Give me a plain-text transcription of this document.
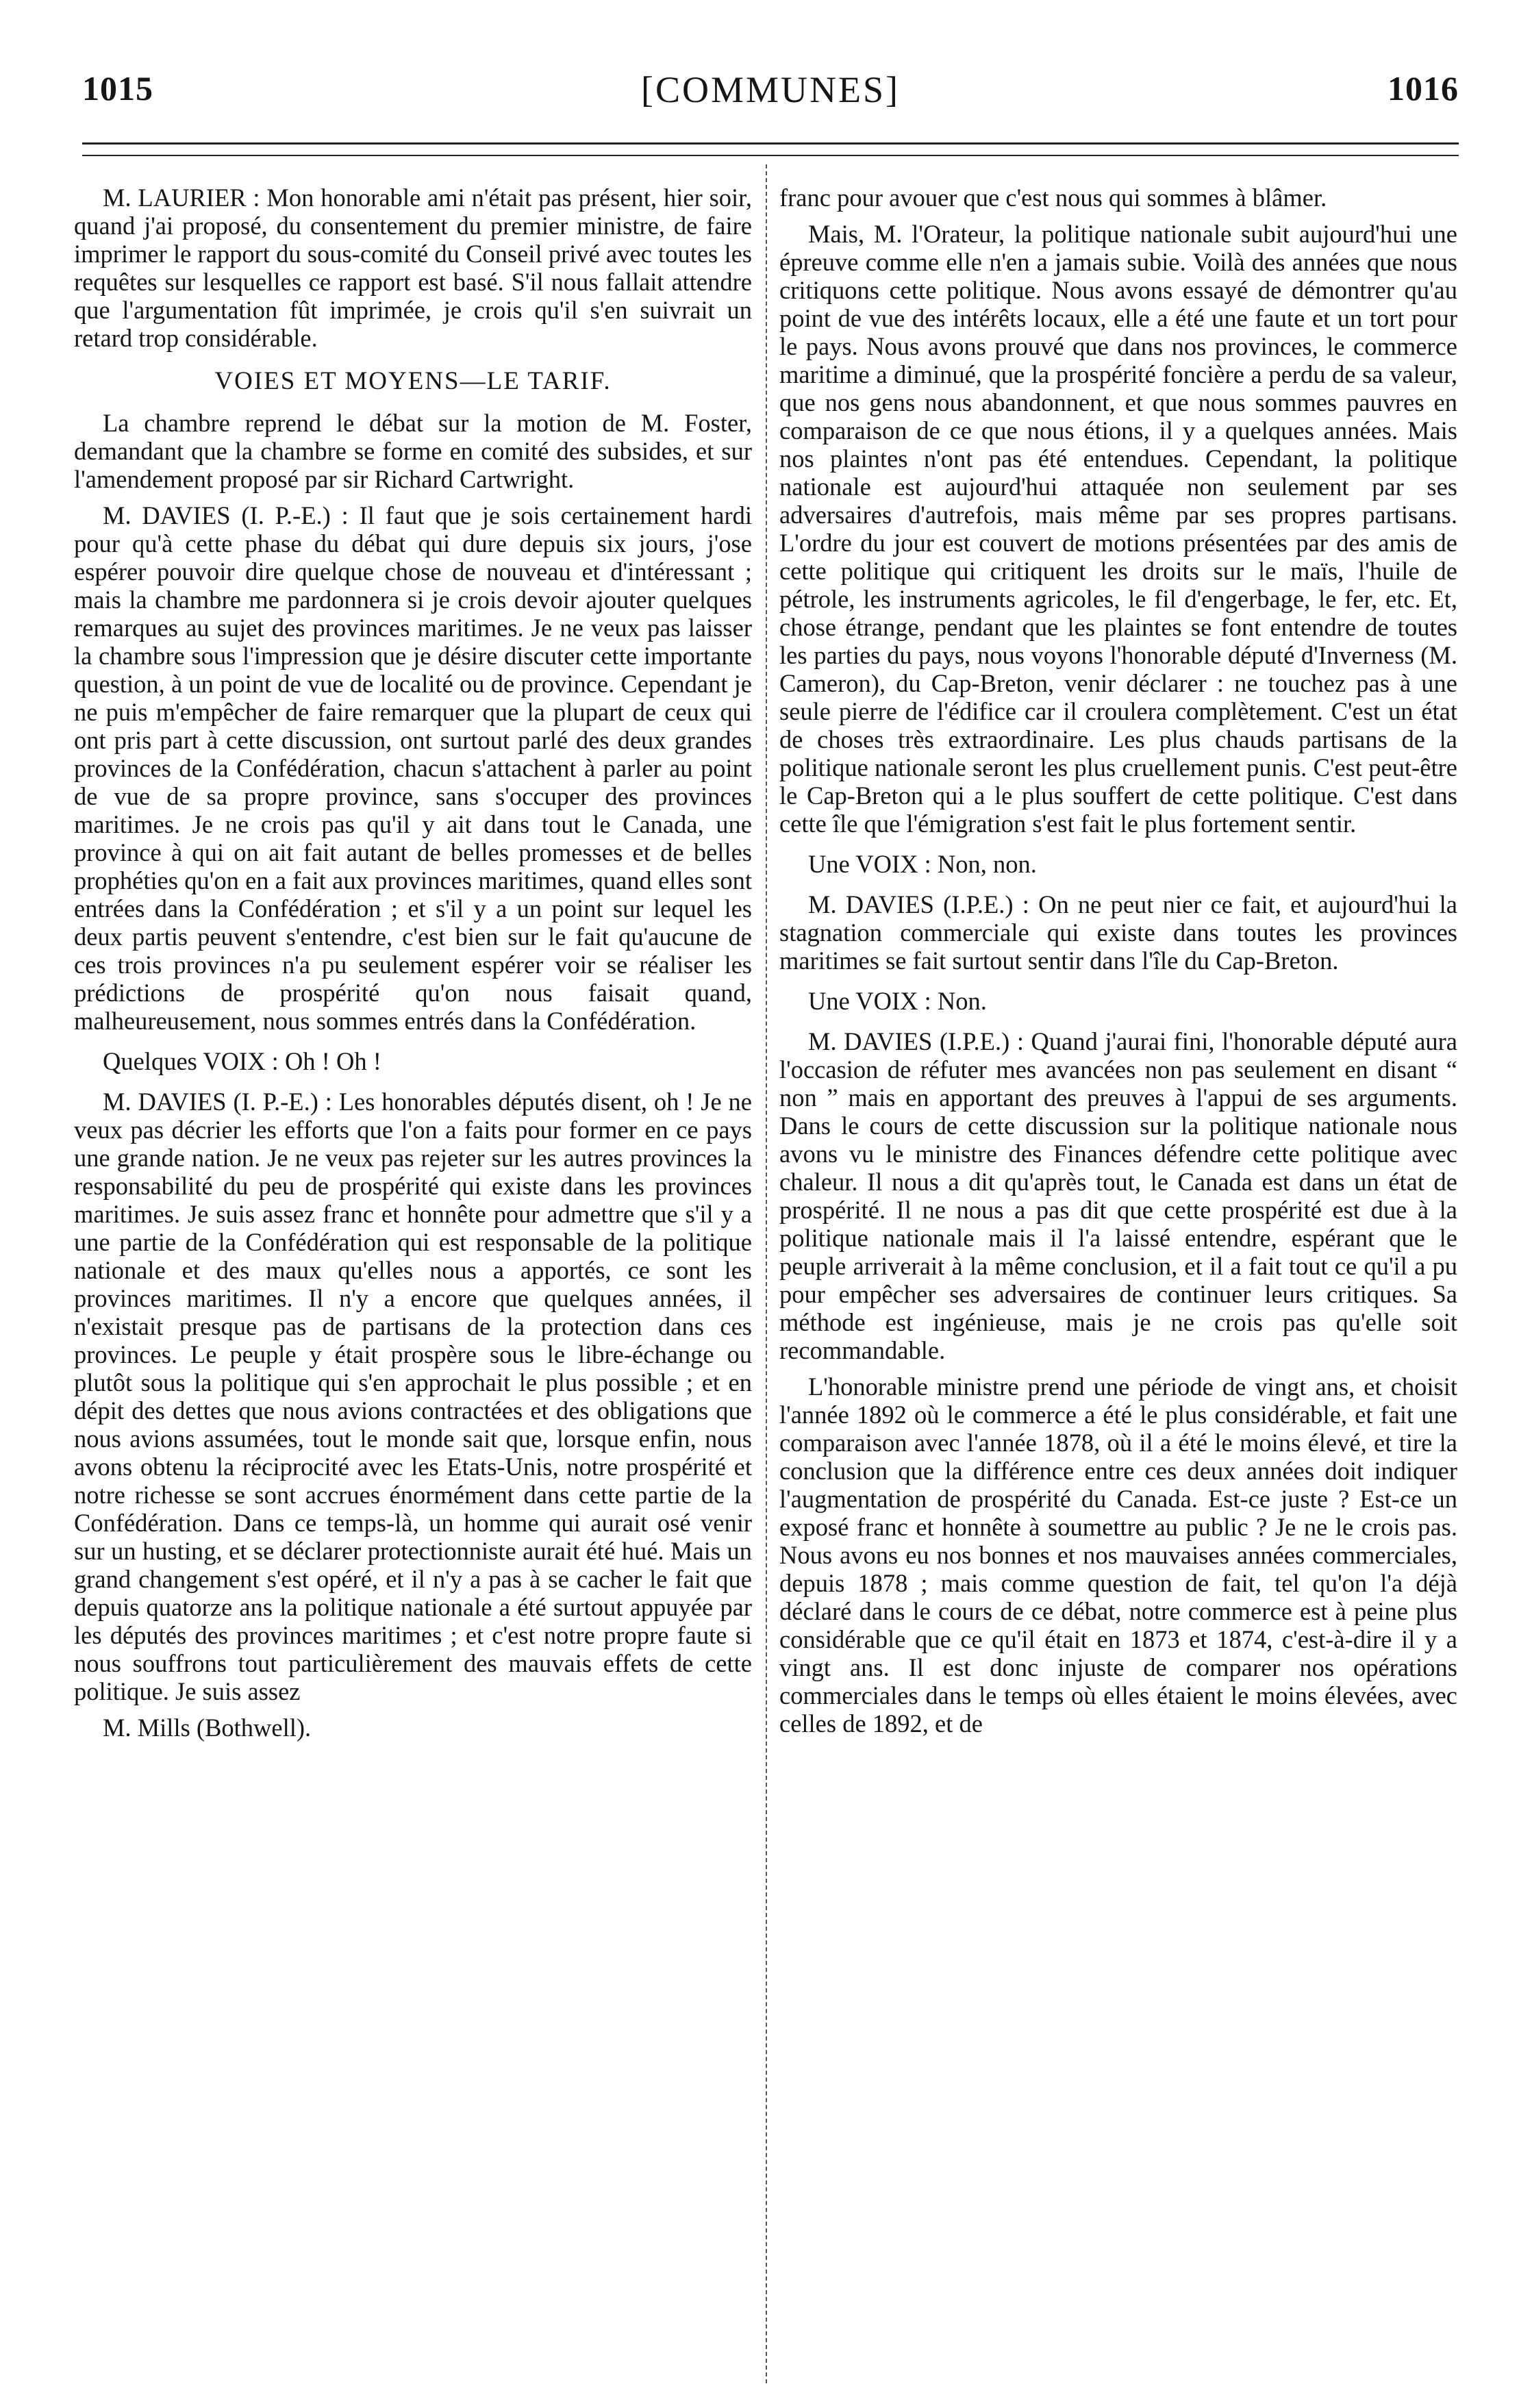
1015	[COMMUNES]	1016

M. LAURIER : Mon honorable ami n'était pas présent, hier soir, quand j'ai proposé, du consentement du premier ministre, de faire imprimer le rapport du sous-comité du Conseil privé avec toutes les requêtes sur lesquelles ce rapport est basé. S'il nous fallait attendre que l'argumentation fût imprimée, je crois qu'il s'en suivrait un retard trop considérable.

VOIES ET MOYENS—LE TARIF.

La chambre reprend le débat sur la motion de M. Foster, demandant que la chambre se forme en comité des subsides, et sur l'amendement proposé par sir Richard Cartwright.

M. DAVIES (I. P.-E.) : Il faut que je sois certainement hardi pour qu'à cette phase du débat qui dure depuis six jours, j'ose espérer pouvoir dire quelque chose de nouveau et d'intéressant ; mais la chambre me pardonnera si je crois devoir ajouter quelques remarques au sujet des provinces maritimes. Je ne veux pas laisser la chambre sous l'impression que je désire discuter cette importante question, à un point de vue de localité ou de province. Cependant je ne puis m'empêcher de faire remarquer que la plupart de ceux qui ont pris part à cette discussion, ont surtout parlé des deux grandes provinces de la Confédération, chacun s'attachent à parler au point de vue de sa propre province, sans s'occuper des provinces maritimes. Je ne crois pas qu'il y ait dans tout le Canada, une province à qui on ait fait autant de belles promesses et de belles prophéties qu'on en a fait aux provinces maritimes, quand elles sont entrées dans la Confédération ; et s'il y a un point sur lequel les deux partis peuvent s'entendre, c'est bien sur le fait qu'aucune de ces trois provinces n'a pu seulement espérer voir se réaliser les prédictions de prospérité qu'on nous faisait quand, malheureusement, nous sommes entrés dans la Confédération.

Quelques VOIX : Oh ! Oh !

M. DAVIES (I. P.-E.) : Les honorables députés disent, oh ! Je ne veux pas décrier les efforts que l'on a faits pour former en ce pays une grande nation. Je ne veux pas rejeter sur les autres provinces la responsabilité du peu de prospérité qui existe dans les provinces maritimes. Je suis assez franc et honnête pour admettre que s'il y a une partie de la Confédération qui est responsable de la politique nationale et des maux qu'elles nous a apportés, ce sont les provinces maritimes. Il n'y a encore que quelques années, il n'existait presque pas de partisans de la protection dans ces provinces. Le peuple y était prospère sous le libre-échange ou plutôt sous la politique qui s'en approchait le plus possible ; et en dépit des dettes que nous avions contractées et des obligations que nous avions assumées, tout le monde sait que, lorsque enfin, nous avons obtenu la réciprocité avec les Etats-Unis, notre prospérité et notre richesse se sont accrues énormément dans cette partie de la Confédération. Dans ce temps-là, un homme qui aurait osé venir sur un husting, et se déclarer protectionniste aurait été hué. Mais un grand changement s'est opéré, et il n'y a pas à se cacher le fait que depuis quatorze ans la politique nationale a été surtout appuyée par les députés des provinces maritimes ; et c'est notre propre faute si nous souffrons tout particulièrement des mauvais effets de cette politique. Je suis assez

M. Mills (Bothwell).

franc pour avouer que c'est nous qui sommes à blâmer.

Mais, M. l'Orateur, la politique nationale subit aujourd'hui une épreuve comme elle n'en a jamais subie. Voilà des années que nous critiquons cette politique. Nous avons essayé de démontrer qu'au point de vue des intérêts locaux, elle a été une faute et un tort pour le pays. Nous avons prouvé que dans nos provinces, le commerce maritime a diminué, que la prospérité foncière a perdu de sa valeur, que nos gens nous abandonnent, et que nous sommes pauvres en comparaison de ce que nous étions, il y a quelques années. Mais nos plaintes n'ont pas été entendues. Cependant, la politique nationale est aujourd'hui attaquée non seulement par ses adversaires d'autrefois, mais même par ses propres partisans. L'ordre du jour est couvert de motions présentées par des amis de cette politique qui critiquent les droits sur le maïs, l'huile de pétrole, les instruments agricoles, le fil d'engerbage, le fer, etc. Et, chose étrange, pendant que les plaintes se font entendre de toutes les parties du pays, nous voyons l'honorable député d'Inverness (M. Cameron), du Cap-Breton, venir déclarer : ne touchez pas à une seule pierre de l'édifice car il croulera complètement. C'est un état de choses très extraordinaire. Les plus chauds partisans de la politique nationale seront les plus cruellement punis. C'est peut-être le Cap-Breton qui a le plus souffert de cette politique. C'est dans cette île que l'émigration s'est fait le plus fortement sentir.

Une VOIX : Non, non.

M. DAVIES (I.P.E.) : On ne peut nier ce fait, et aujourd'hui la stagnation commerciale qui existe dans toutes les provinces maritimes se fait surtout sentir dans l'île du Cap-Breton.

Une VOIX : Non.

M. DAVIES (I.P.E.) : Quand j'aurai fini, l'honorable député aura l'occasion de réfuter mes avancées non pas seulement en disant “ non ” mais en apportant des preuves à l'appui de ses arguments. Dans le cours de cette discussion sur la politique nationale nous avons vu le ministre des Finances défendre cette politique avec chaleur. Il nous a dit qu'après tout, le Canada est dans un état de prospérité. Il ne nous a pas dit que cette prospérité est due à la politique nationale mais il l'a laissé entendre, espérant que le peuple arriverait à la même conclusion, et il a fait tout ce qu'il a pu pour empêcher ses adversaires de continuer leurs critiques. Sa méthode est ingénieuse, mais je ne crois pas qu'elle soit recommandable.

L'honorable ministre prend une période de vingt ans, et choisit l'année 1892 où le commerce a été le plus considérable, et fait une comparaison avec l'année 1878, où il a été le moins élevé, et tire la conclusion que la différence entre ces deux années doit indiquer l'augmentation de prospérité du Canada. Est-ce juste ? Est-ce un exposé franc et honnête à soumettre au public ? Je ne le crois pas. Nous avons eu nos bonnes et nos mauvaises années commerciales, depuis 1878 ; mais comme question de fait, tel qu'on l'a déjà déclaré dans le cours de ce débat, notre commerce est à peine plus considérable que ce qu'il était en 1873 et 1874, c'est-à-dire il y a vingt ans. Il est donc injuste de comparer nos opérations commerciales dans le temps où elles étaient le moins élevées, avec celles de 1892, et de
